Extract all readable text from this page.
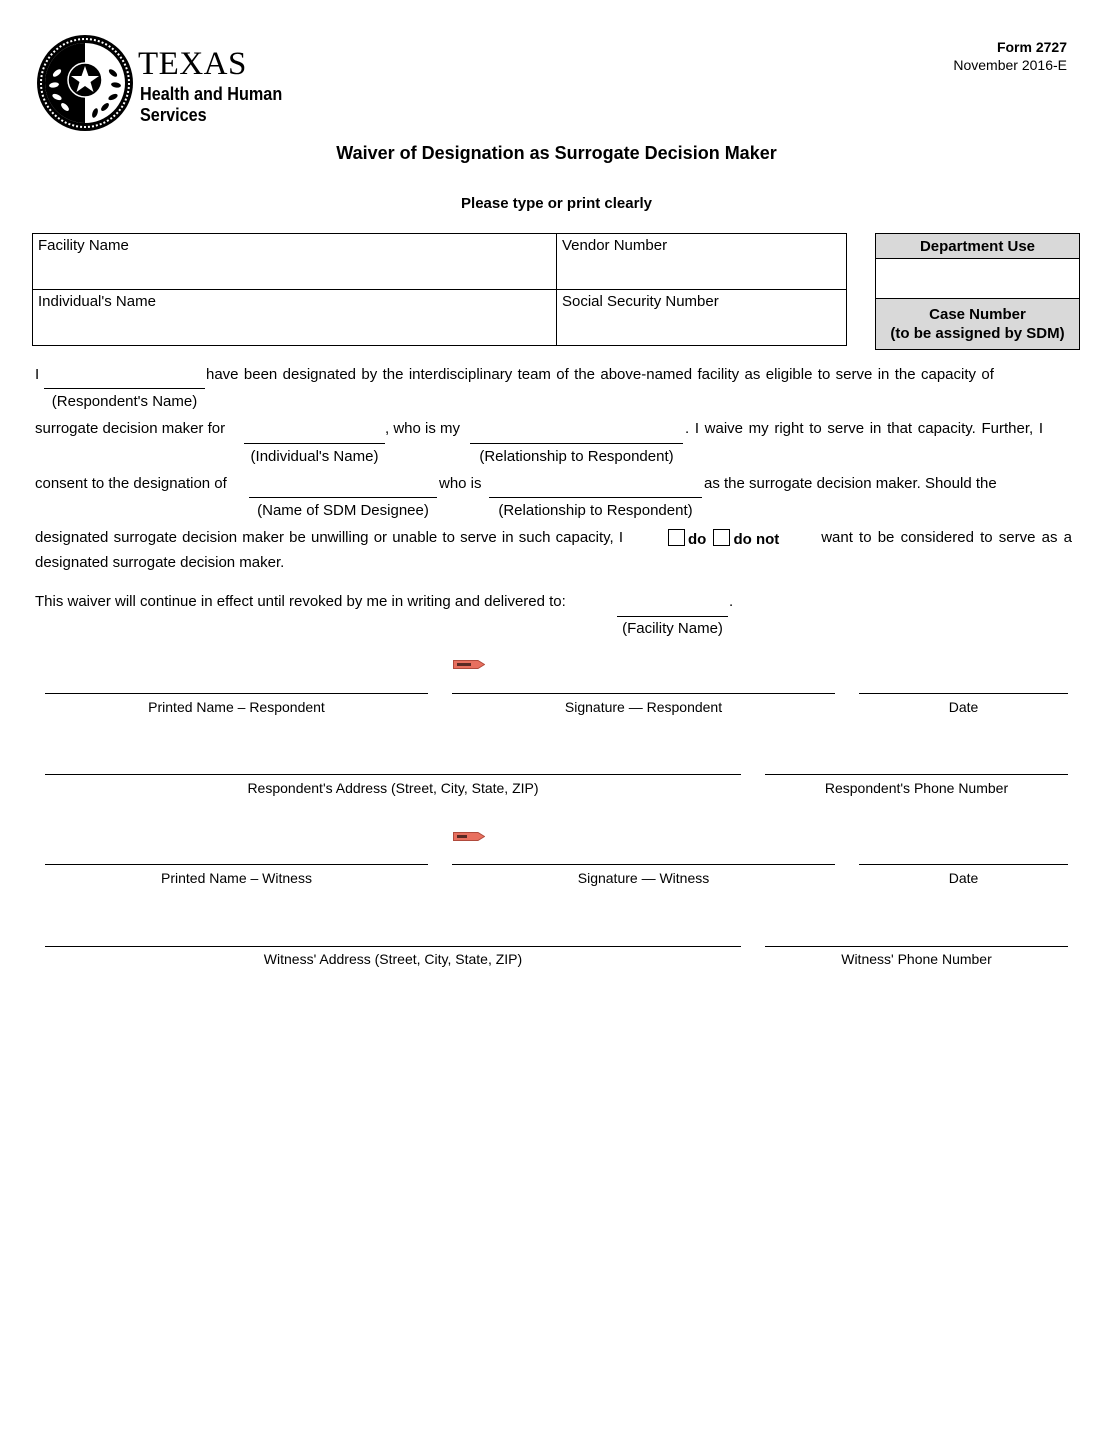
TEXAS
Health and Human
Services
Form 2727
November 2016-E
Waiver of Designation as Surrogate Decision Maker
Please type or print clearly
Facility Name	Vendor Number
Individual's Name	Social Security Number
Department Use

Case Number
(to be assigned by SDM)
I	have been designated by the interdisciplinary team of the above-named facility as eligible to serve in the capacity of
(Respondent's Name)
surrogate decision maker for	, who is my	. I waive my right to serve in that capacity. Further, I
(Individual's Name)	(Relationship to Respondent)
consent to the designation of	who is	as the surrogate decision maker. Should the
(Name of SDM Designee)	(Relationship to Respondent)
designated surrogate decision maker be unwilling or unable to serve in such capacity, I	do do not	want to be considered to serve as a
designated surrogate decision maker.
This waiver will continue in effect until revoked by me in writing and delivered to:	.
(Facility Name)
Printed Name – Respondent	Signature — Respondent	Date
Respondent's Address (Street, City, State, ZIP)	Respondent's Phone Number
Printed Name – Witness	Signature — Witness	Date
Witness' Address (Street, City, State, ZIP)	Witness' Phone Number
